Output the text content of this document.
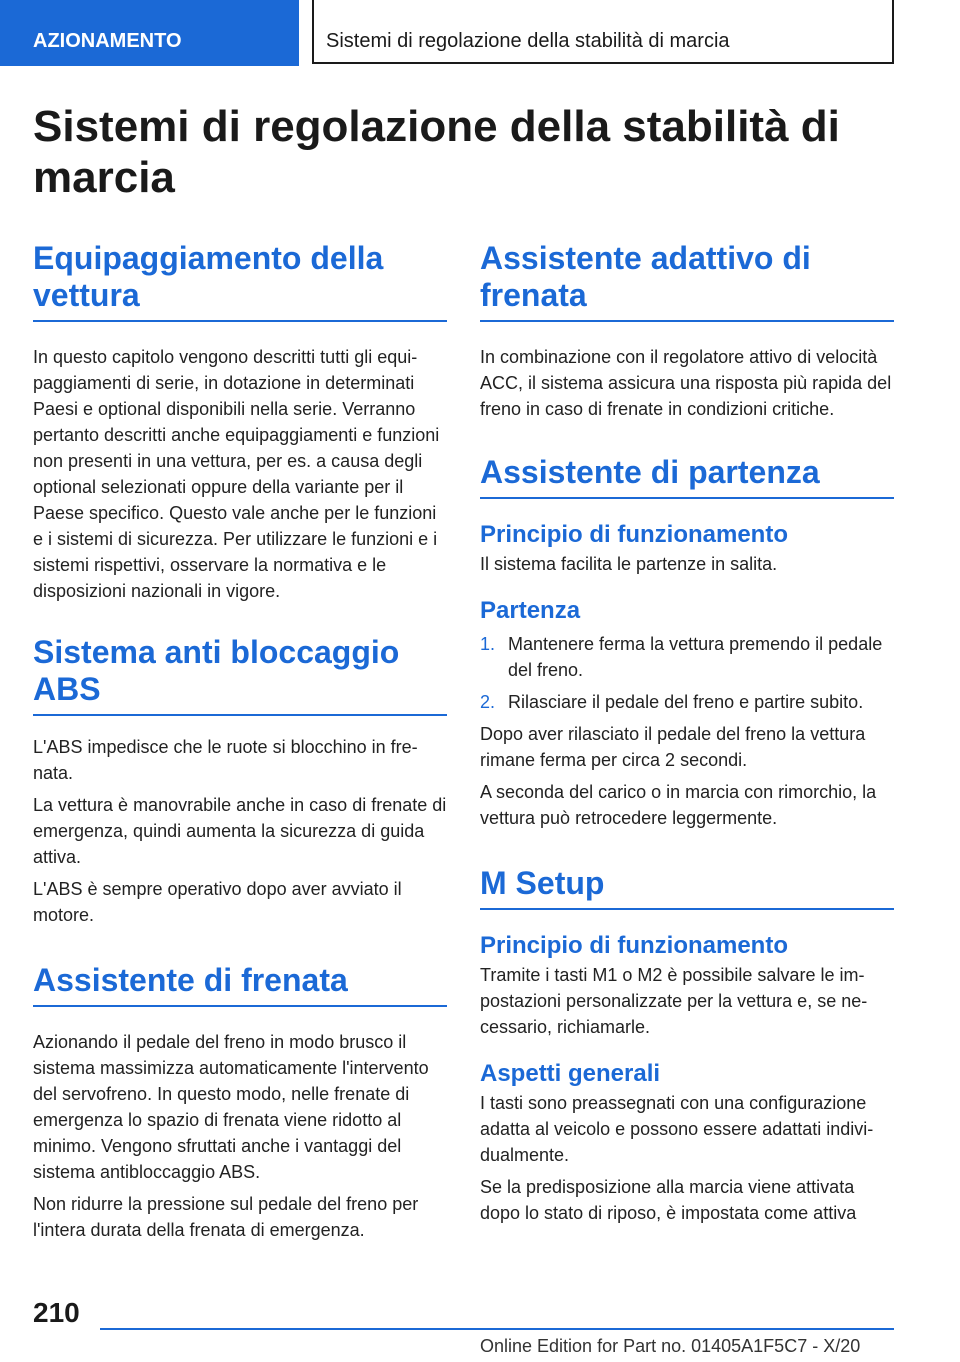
AZIONAMENTO	Sistemi di regolazione della stabilità di marcia
Sistemi di regolazione della stabilità di marcia
Equipaggiamento della vettura

In questo capitolo vengono descritti tutti gli equipaggiamenti di serie, in dotazione in determinati Paesi e optional disponibili nella serie. Verranno pertanto descritti anche equipaggiamenti e funzioni non presenti in una vettura, per es. a causa degli optional selezionati oppure della variante per il Paese specifico. Questo vale anche per le funzioni e i sistemi di sicurezza. Per utilizzare le funzioni e i sistemi rispettivi, osservare la normativa e le disposizioni nazionali in vigore.

Sistema anti bloccaggio ABS

L'ABS impedisce che le ruote si blocchino in frenata.

La vettura è manovrabile anche in caso di frenate di emergenza, quindi aumenta la sicurezza di guida attiva.

L'ABS è sempre operativo dopo aver avviato il motore.

Assistente di frenata

Azionando il pedale del freno in modo brusco il sistema massimizza automaticamente l'intervento del servofreno. In questo modo, nelle frenate di emergenza lo spazio di frenata viene ridotto al minimo. Vengono sfruttati anche i vantaggi del sistema antibloccaggio ABS.

Non ridurre la pressione sul pedale del freno per l'intera durata della frenata di emergenza.

Assistente adattivo di frenata

In combinazione con il regolatore attivo di velocità ACC, il sistema assicura una risposta più rapida del freno in caso di frenate in condizioni critiche.

Assistente di partenza
Principio di funzionamento

Il sistema facilita le partenze in salita.

Partenza
1. Mantenere ferma la vettura premendo il pedale del freno.
2. Rilasciare il pedale del freno e partire subito.

Dopo aver rilasciato il pedale del freno la vettura rimane ferma per circa 2 secondi.

A seconda del carico o in marcia con rimorchio, la vettura può retrocedere leggermente.

M Setup
Principio di funzionamento

Tramite i tasti M1 o M2 è possibile salvare le impostazioni personalizzate per la vettura e, se necessario, richiamarle.

Aspetti generali

I tasti sono preassegnati con una configurazione adatta al veicolo e possono essere adattati individualmente.

Se la predisposizione alla marcia viene attivata dopo lo stato di riposo, è impostata come attiva

210
Online Edition for Part no. 01405A1F5C7 - X/20
